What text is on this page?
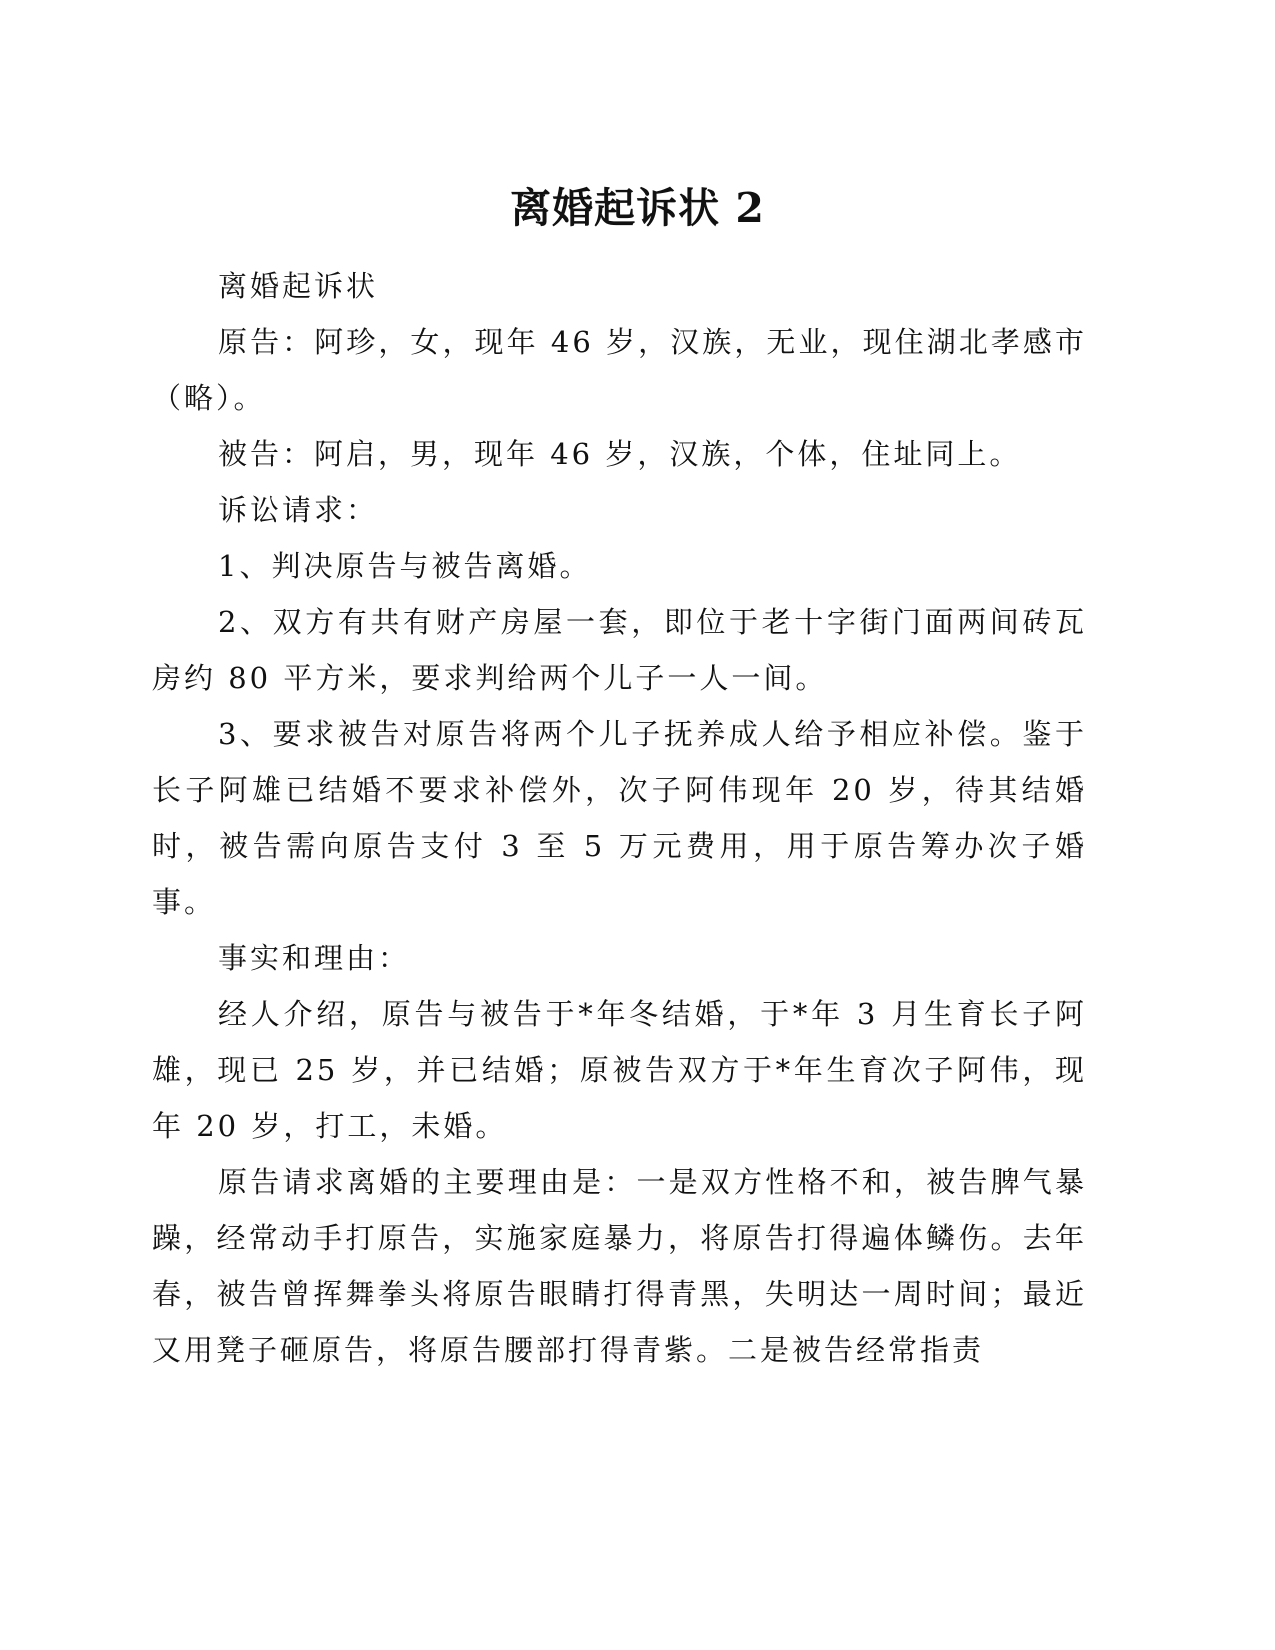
离婚起诉状 2

离婚起诉状

原告：阿珍，女，现年 46 岁，汉族，无业，现住湖北孝感市（略）。

被告：阿启，男，现年 46 岁，汉族，个体，住址同上。

诉讼请求：

1、判决原告与被告离婚。

2、双方有共有财产房屋一套，即位于老十字街门面两间砖瓦房约 80 平方米，要求判给两个儿子一人一间。

3、要求被告对原告将两个儿子抚养成人给予相应补偿。鉴于长子阿雄已结婚不要求补偿外，次子阿伟现年 20 岁，待其结婚时，被告需向原告支付 3 至 5 万元费用，用于原告筹办次子婚事。

事实和理由：

经人介绍，原告与被告于*年冬结婚，于*年 3 月生育长子阿雄，现已 25 岁，并已结婚；原被告双方于*年生育次子阿伟，现年 20 岁，打工，未婚。

原告请求离婚的主要理由是：一是双方性格不和，被告脾气暴躁，经常动手打原告，实施家庭暴力，将原告打得遍体鳞伤。去年春，被告曾挥舞拳头将原告眼睛打得青黑，失明达一周时间；最近又用凳子砸原告，将原告腰部打得青紫。二是被告经常指责
